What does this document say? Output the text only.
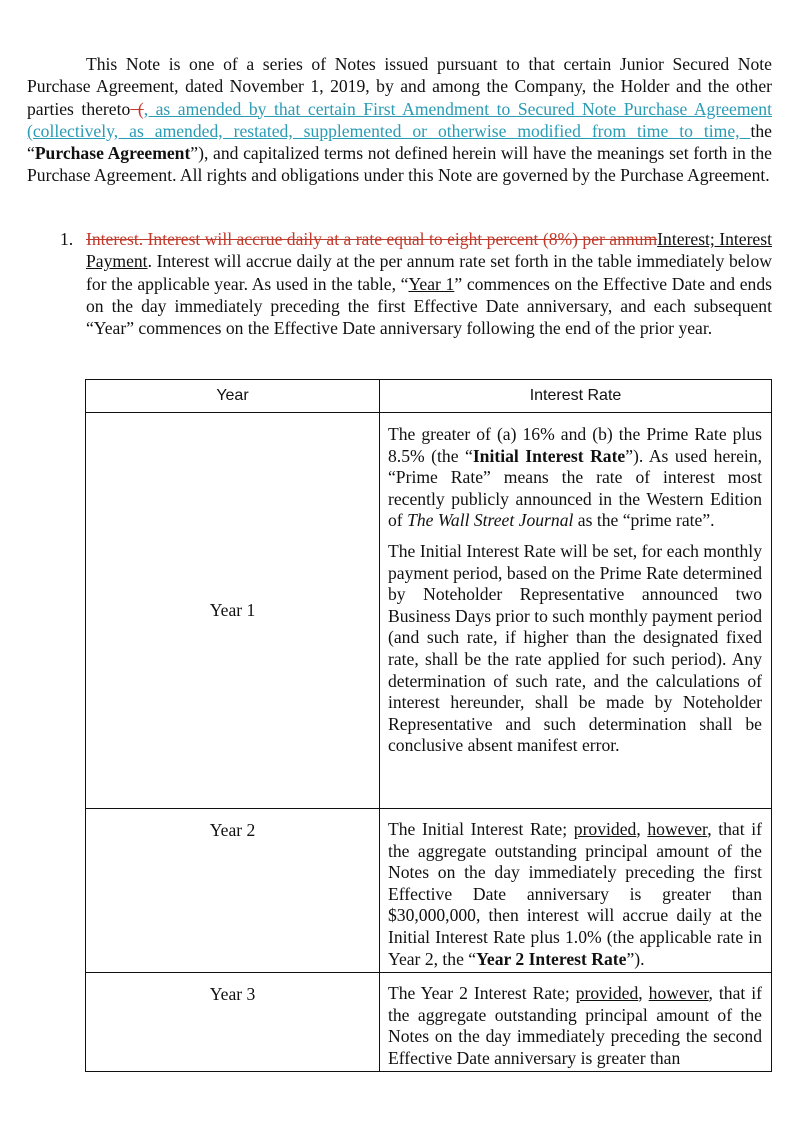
This Note is one of a series of Notes issued pursuant to that certain Junior Secured Note Purchase Agreement, dated November 1, 2019, by and among the Company, the Holder and the other parties thereto (, as amended by that certain First Amendment to Secured Note Purchase Agreement (collectively, as amended, restated, supplemented or otherwise modified from time to time, the “Purchase Agreement”), and capitalized terms not defined herein will have the meanings set forth in the Purchase Agreement. All rights and obligations under this Note are governed by the Purchase Agreement.

1. Interest. Interest will accrue daily at a rate equal to eight percent (8%) per annumInterest; Interest Payment. Interest will accrue daily at the per annum rate set forth in the table immediately below for the applicable year. As used in the table, “Year 1” commences on the Effective Date and ends on the day immediately preceding the first Effective Date anniversary, and each subsequent “Year” commences on the Effective Date anniversary following the end of the prior year.

Year	Interest Rate

Year 1	The greater of (a) 16% and (b) the Prime Rate plus 8.5% (the “Initial Interest Rate”). As used herein, “Prime Rate” means the rate of interest most recently publicly announced in the Western Edition of The Wall Street Journal as the “prime rate”.

The Initial Interest Rate will be set, for each monthly payment period, based on the Prime Rate determined by Noteholder Representative announced two Business Days prior to such monthly payment period (and such rate, if higher than the designated fixed rate, shall be the rate applied for such period). Any determination of such rate, and the calculations of interest hereunder, shall be made by Noteholder Representative and such determination shall be conclusive absent manifest error.

Year 2	The Initial Interest Rate; provided, however, that if the aggregate outstanding principal amount of the Notes on the day immediately preceding the first Effective Date anniversary is greater than $30,000,000, then interest will accrue daily at the Initial Interest Rate plus 1.0% (the applicable rate in Year 2, the “Year 2 Interest Rate”).

Year 3	The Year 2 Interest Rate; provided, however, that if the aggregate outstanding principal amount of the Notes on the day immediately preceding the second Effective Date anniversary is greater than
